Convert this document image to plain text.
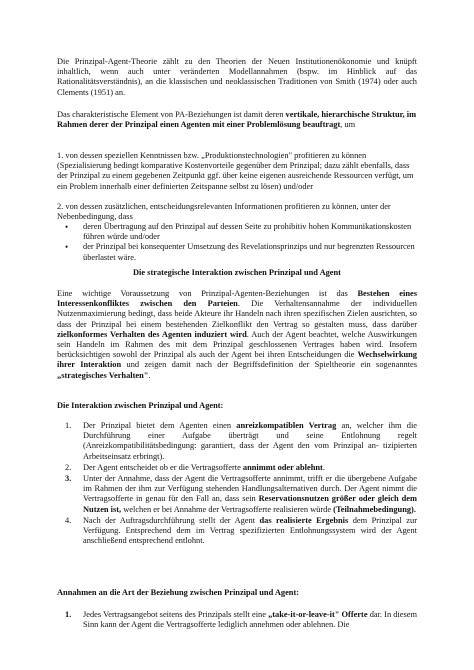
Die Prinzipal-Agent-Theorie zählt zu den Theorien der Neuen Institutionenökonomie und knüpft inhaltlich, wenn auch unter veränderten Modellannahmen (bspw. im Hinblick auf das Rationalitätsverständnis), an die klassischen und neoklassischen Traditionen von Smith (1974) oder auch Clements (1951) an.

Das charakteristische Element von PA-Beziehungen ist damit deren vertikale, hierarchische Struktur, im Rahmen derer der Prinzipal einen Agenten mit einer Problemlösung beauftragt, um

1. von dessen speziellen Kenntnissen bzw. „Produktionstechnologien" profitieren zu können (Spezialisierung bedingt komparative Kostenvorteile gegenüber dem Prinzipal; dazu zählt ebenfalls, dass der Prinzipal zu einem gegebenen Zeitpunkt ggf. über keine eigenen ausreichende Ressourcen verfügt, um ein Problem innerhalb einer definierten Zeitspanne selbst zu lösen) und/oder

2. von dessen zusätzlichen, entscheidungsrelevanten Informationen profitieren zu können, unter der Nebenbedingung, dass

• deren Übertragung auf den Prinzipal auf dessen Seite zu prohibitiv hohen Kommunikationskosten führen würde und/oder
• der Prinzipal bei konsequenter Umsetzung des Revelationsprinzips und nur begrenzten Ressourcen überlastet wäre.

Die strategische Interaktion zwischen Prinzipal und Agent

Eine wichtige Voraussetzung von Prinzipal-Agenten-Beziehungen ist das Bestehen eines Interessenkonfliktes zwischen den Parteien. Die Verhaltensannahme der individuellen Nutzenmaximierung bedingt, dass beide Akteure ihr Handeln nach ihren spezifischen Zielen ausrichten, so dass der Prinzipal bei einem bestehenden Zielkonflikt den Vertrag so gestalten muss, dass darüber zielkonformes Verhalten des Agenten induziert wird. Auch der Agent beachtet, welche Auswirkungen sein Handeln im Rahmen des mit dem Prinzipal geschlossenen Vertrages haben wird. Insofern berücksichtigen sowohl der Prinzipal als auch der Agent bei ihren Entscheidungen die Wechselwirkung ihrer Interaktion und zeigen damit nach der Begriffsdefinition der Spieltheorie ein sogenanntes „strategisches Verhalten".

Die Interaktion zwischen Prinzipal und Agent:

1. Der Prinzipal bietet dem Agenten einen anreizkompatiblen Vertrag an, welcher ihm die Durchführung einer Aufgabe überträgt und seine Entlohnung regelt (Anreizkompatibilitätsbedingung: garantiert, dass der Agent den vom Prinzipal an- tizipierten Arbeitseinsatz erbringt).
2. Der Agent entscheidet ob er die Vertragsofferte annimmt oder ablehnt.
3. Unter der Annahme, dass der Agent die Vertragsofferte annimmt, trifft er die übergebene Aufgabe im Rahmen der ihm zur Verfügung stehenden Handlungsalternativen durch. Der Agent nimmt die Vertragsofferte in genau für den Fall an, dass sein Reservationsnutzen größer oder gleich dem Nutzen ist, welchen er bei Annahme der Vertragsofferte realisieren würde (Teilnahmebedingung).
4. Nach der Auftragsdurchführung stellt der Agent das realisierte Ergebnis dem Prinzipal zur Verfügung. Entsprechend dem im Vertrag spezifizierten Entlohnungssystem wird der Agent anschließend entsprechend entlohnt.

Annahmen an die Art der Beziehung zwischen Prinzipal und Agent:

1. Jedes Vertragsangebot seitens des Prinzipals stellt eine „take-it-or-leave-it" Offerte dar. In diesem Sinn kann der Agent die Vertragsofferte lediglich annehmen oder ablehnen. Die
